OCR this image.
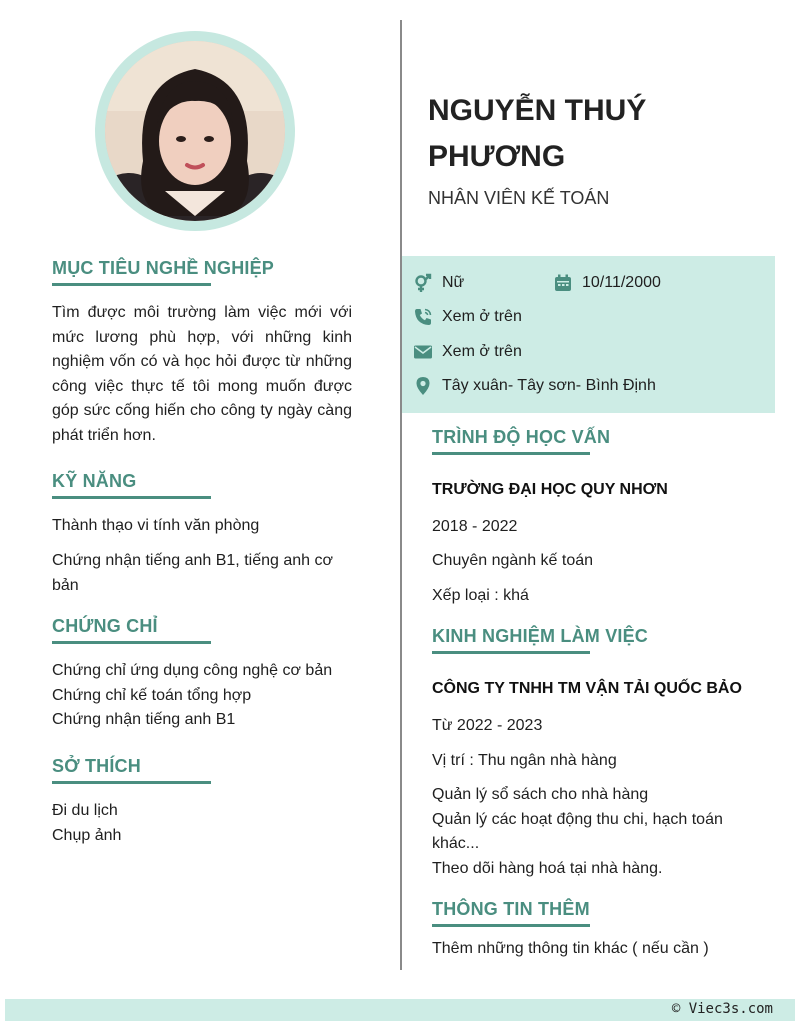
MỤC TIÊU NGHỀ NGHIỆP
Tìm được môi trường làm việc mới với mức lương phù hợp, với những kinh nghiệm vốn có và học hỏi được từ những công việc thực tế tôi mong muốn được góp sức cống hiến cho công ty ngày càng phát triển hơn.
KỸ NĂNG
Thành thạo vi tính văn phòng
Chứng nhận tiếng anh B1, tiếng anh cơ bản
CHỨNG CHỈ
Chứng chỉ ứng dụng công nghệ cơ bản
Chứng chỉ kế toán tổng hợp
Chứng nhận tiếng anh B1
SỞ THÍCH
Đi du lịch
Chụp ảnh
NGUYỄN THUÝ
PHƯƠNG
NHÂN VIÊN KẾ TOÁN
Nữ	10/11/2000
Xem ở trên
Xem ở trên
Tây xuân- Tây sơn- Bình Định
TRÌNH ĐỘ HỌC VẤN
TRƯỜNG ĐẠI HỌC QUY NHƠN
2018 - 2022
Chuyên ngành kế toán
Xếp loại : khá
KINH NGHIỆM LÀM VIỆC
CÔNG TY TNHH TM VẬN TẢI QUỐC BẢO
Từ 2022 - 2023
Vị trí : Thu ngân nhà hàng
Quản lý sổ sách cho nhà hàng
Quản lý các hoạt động thu chi, hạch toán khác...
Theo dõi hàng hoá tại nhà hàng.
THÔNG TIN THÊM
Thêm những thông tin khác ( nếu cần )
© Viec3s.com
